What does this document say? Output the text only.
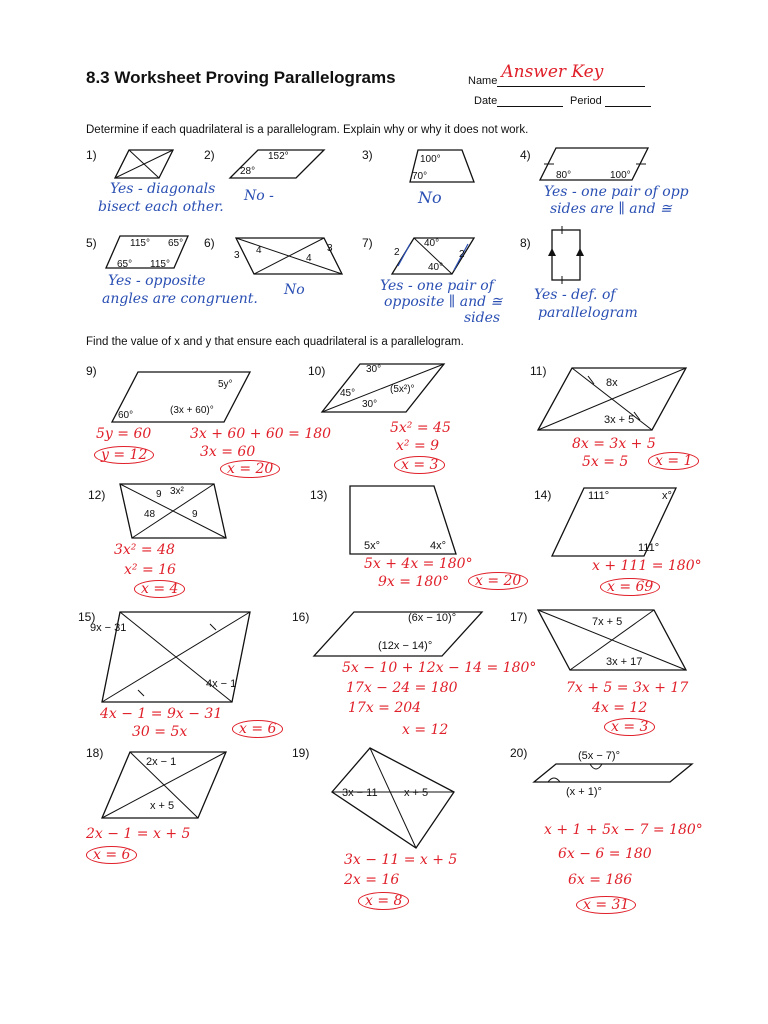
8.3 Worksheet Proving Parallelograms	Name Answer Key
Date	Period
Determine if each quadrilateral is a parallelogram. Explain why or why it does not work.
1)
Yes - diagonals
bisect each other.
2)	152°
28°
No -
3)	100°
70°
No
4)
80°	100°
Yes - one pair of opp
sides are ∥ and ≅
5)	115° 65°
65° 115°
Yes - opposite
angles are congruent.
6)
3 4
4
3
No
7)
2
40°
40°
2
Yes - one pair of
opposite ∥ and ≅
sides
8)
Yes - def. of
parallelogram
Find the value of x and y that ensure each quadrilateral is a parallelogram.
9)
5y°
60°	(3x + 60)°
5y = 60	3x + 60 + 60 = 180
3x = 60
y = 12
x = 20
10)	30°
45°	(5x²)°
30°
5x² = 45
x² = 9
x = 3
11)
8x
3x + 5
8x = 3x + 5
5x = 5	x = 1
12)	9 3x²
48	9
3x² = 48
x² = 16
x = 4
13)
5x°	4x°
5x + 4x = 180°
9x = 180°	x = 20
14)	111°	x°
111°
x + 111 = 180°
x = 69
15)
9x − 31
4x − 1
4x − 1 = 9x − 31
30 = 5x	x = 6
16)	(6x − 10)°
(12x − 14)°
5x − 10 + 12x − 14 = 180°
17x − 24 = 180
17x = 204
x = 12
17)	7x + 5
3x + 17
7x + 5 = 3x + 17
4x = 12
x = 3
18)
2x − 1
x + 5
2x − 1 = x + 5
x = 6
19)
3x − 11 x + 5
3x − 11 = x + 5
2x = 16
x = 8
20)	(5x − 7)°
(x + 1)°
x + 1 + 5x − 7 = 180°
6x − 6 = 180
6x = 186
x = 31
